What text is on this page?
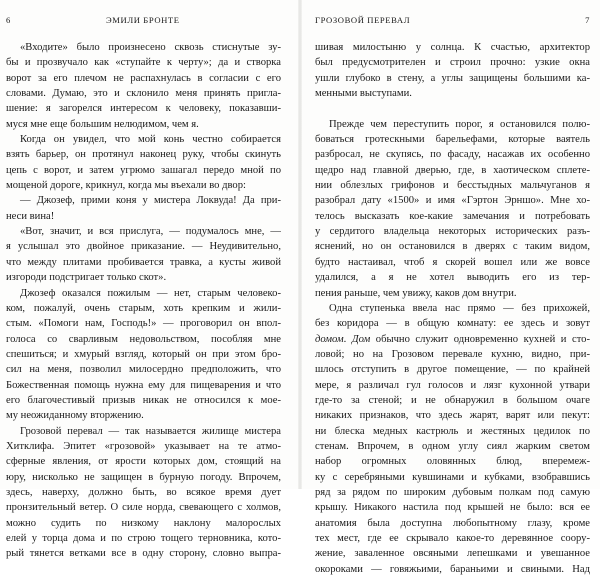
6	ЭМИЛИ БРОНТЕ
«Входите» было произнесено сквозь стиснутые зу-
бы и прозвучало как «ступайте к черту»; да и створка
ворот за его плечом не распахнулась в согласии с его
словами. Думаю, это и склонило меня принять пригла-
шение: я загорелся интересом к человеку, показавши-
муся мне еще большим нелюдимом, чем я.
Когда он увидел, что мой конь честно собирается
взять барьер, он протянул наконец руку, чтобы скинуть
цепь с ворот, и затем угрюмо зашагал передо мной по
мощеной дороге, крикнул, когда мы въехали во двор:
— Джозеф, прими коня у мистера Локвуда! Да при-
неси вина!
«Вот, значит, и вся прислуга, — подумалось мне, —
я услышал это двойное приказание. — Неудивительно,
что между плитами пробивается травка, а кусты живой
изгороди подстригает только скот».
Джозеф оказался пожилым — нет, старым человеко-
ком, пожалуй, очень старым, хоть крепким и жили-
стым. «Помоги нам, Господь!» — проговорил он впол-
голоса со сварливым недовольством, пособляя мне
спешиться; и хмурый взгляд, который он при этом бро-
сил на меня, позволил милосердно предположить, что
Божественная помощь нужна ему для пищеварения и что
его благочестивый призыв никак не относился к мое-
му неожиданному вторжению.
Грозовой перевал — так называется жилище мистера
Хитклифа. Эпитет «грозовой» указывает на те атмо-
сферные явления, от ярости которых дом, стоящий на
юру, нисколько не защищен в бурную погоду. Впрочем,
здесь, наверху, должно быть, во всякое время дует
пронзительный ветер. О силе норда, свевающего с холмов,
можно судить по низкому наклону малорослых
елей у торца дома и по строю тощего терновника, кото-
рый тянется ветками все в одну сторону, словно выпра-
ГРОЗОВОЙ ПЕРЕВАЛ	7
шивая милостыню у солнца. К счастью, архитектор
был предусмотрителен и строил прочно: узкие окна
ушли глубоко в стену, а углы защищены большими ка-
менными выступами.
Прежде чем переступить порог, я остановился полю-
боваться гротескными барельефами, которые ваятель
разбросал, не скупясь, по фасаду, насажав их особенно
щедро над главной дверью, где, в хаотическом сплете-
нии облезлых грифонов и бесстыдных мальчуганов я
разобрал дату «1500» и имя «Гэртон Эрншо». Мне хо-
телось высказать кое-какие замечания и потребовать
у сердитого владельца некоторых исторических разъ-
яснений, но он остановился в дверях с таким видом,
будто настаивал, чтоб я скорей вошел или же вовсе
удалился, а я не хотел выводить его из тер-
пения раньше, чем увижу, каков дом внутри.
Одна ступенька ввела нас прямо — без прихожей,
без коридора — в общую комнату: ее здесь и зовут
домом. Дом обычно служит одновременно кухней и сто-
ловой; но на Грозовом перевале кухню, видно, при-
шлось отступить в другое помещение, — по крайней
мере, я различал гул голосов и лязг кухонной утвари
где-то за стеной; и не обнаружил в большом очаге
никаких признаков, что здесь жарят, варят или пекут:
ни блеска медных кастрюль и жестяных цедилок по
стенам. Впрочем, в одном углу сиял жарким светом
набор огромных оловянных блюд, вперемеж-
ку с серебряными кувшинами и кубками, взобравшись
ряд за рядом по широким дубовым полкам под самую
крышу. Никакого настила под крышей не было: вся ее
анатомия была доступна любопытному глазу, кроме
тех мест, где ее скрывало какое-то деревянное соору-
жение, заваленное овсяными лепешками и увешанное
окороками — говяжьими, бараньими и свиными. Над
